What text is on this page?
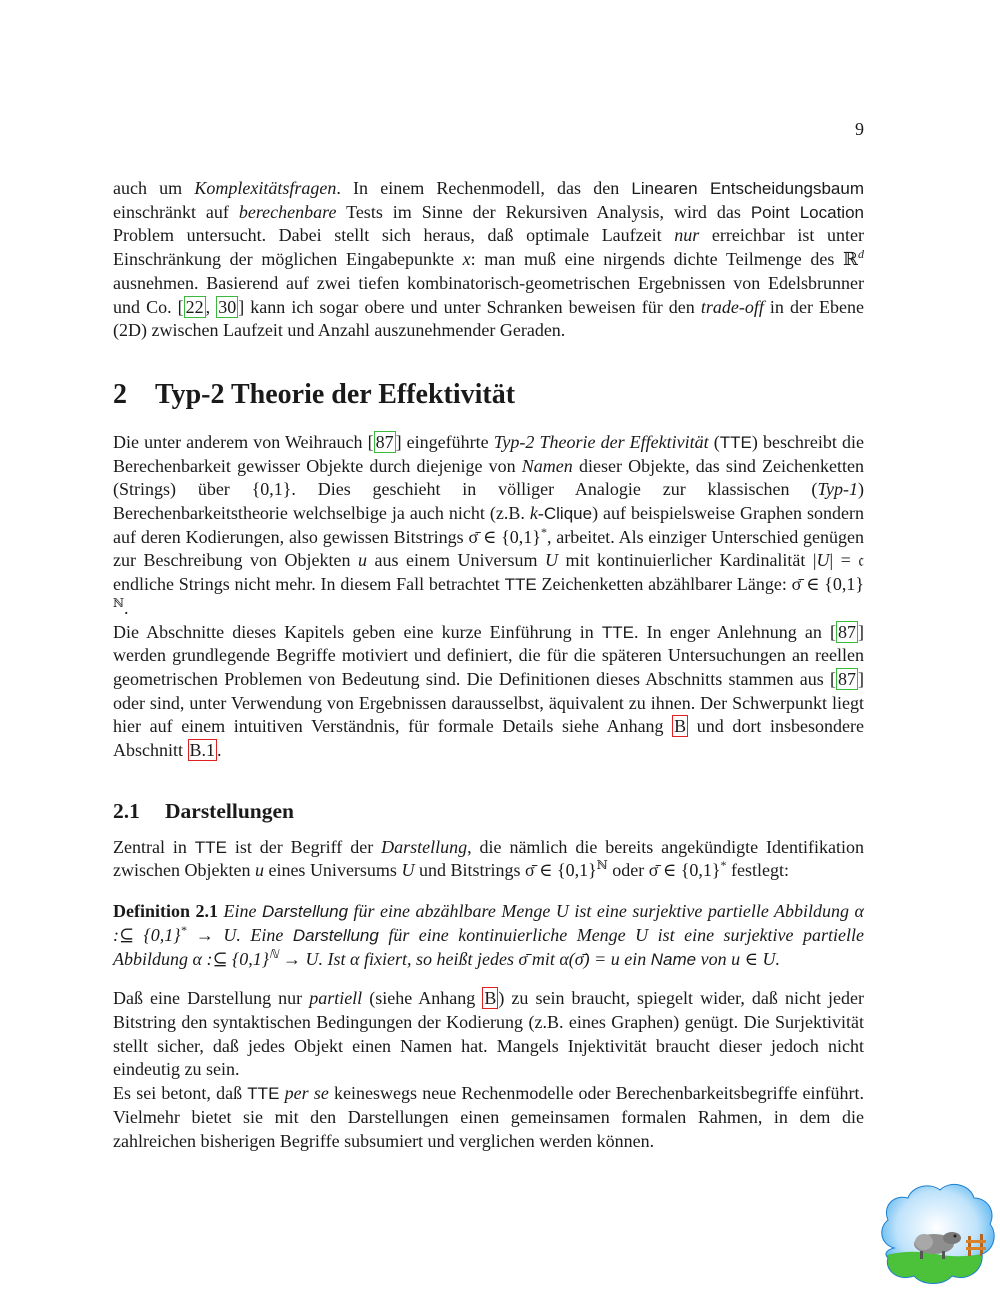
9

auch um Komplexitätsfragen. In einem Rechenmodell, das den Linearen Entscheidungsbaum einschränkt auf berechenbare Tests im Sinne der Rekursiven Analysis, wird das Point Location Problem untersucht. Dabei stellt sich heraus, daß optimale Laufzeit nur erreichbar ist unter Einschränkung der möglichen Eingabepunkte x: man muß eine nirgends dichte Teilmenge des ℝ$^d$ ausnehmen. Basierend auf zwei tiefen kombinatorisch-geometrischen Ergebnissen von Edelsbrunner und Co. [ 22 , 30 ] kann ich sogar obere und unter Schranken beweisen für den trade-off in der Ebene (2D) zwischen Laufzeit und Anzahl auszunehmender Geraden.

2 Typ-2 Theorie der Effektivität

Die unter anderem von Weihrauch [ 87 ] eingeführte Typ-2 Theorie der Effektivität (TTE) beschreibt die Berechenbarkeit gewisser Objekte durch diejenige von Namen dieser Objekte, das sind Zeichenketten (Strings) über {0,1}. Dies geschieht in völliger Analogie zur klassischen (Typ-1) Berechenbarkeitstheorie welchselbige ja auch nicht (z.B. k-Clique) auf beispielsweise Graphen sondern auf deren Kodierungen, also gewissen Bitstrings σ̄ ∈ {0,1}*, arbeitet. Als einziger Unterschied genügen zur Beschreibung von Objekten u aus einem Universum U mit kontinuierlicher Kardinalität |U| = 𝔠 endliche Strings nicht mehr. In diesem Fall betrachtet TTE Zeichenketten abzählbarer Länge: σ̄ ∈ $\{0,1\}^ℕ$.

Die Abschnitte dieses Kapitels geben eine kurze Einführung in TTE. In enger Anlehnung an [ 87 ] werden grundlegende Begriffe motiviert und definiert, die für die späteren Untersuchungen an reellen geometrischen Problemen von Bedeutung sind. Die Definitionen dieses Abschnitts stammen aus [ 87 ] oder sind, unter Verwendung von Ergebnissen darausselbst, äquivalent zu ihnen. Der Schwerpunkt liegt hier auf einem intuitiven Verständnis, für formale Details siehe Anhang B und dort insbesondere Abschnitt B.1 .

2.1 Darstellungen

Zentral in TTE ist der Begriff der Darstellung, die nämlich die bereits angekündigte Identifikation zwischen Objekten u eines Universums U und Bitstrings σ̄ ∈ $\{0,1\}^ℕ$ oder σ̄ ∈ {0,1}* festlegt:

Definition 2.1 Eine Darstellung für eine abzählbare Menge U ist eine surjektive partielle Abbildung α :⊆ {0,1}* → U. Eine Darstellung für eine kontinuierliche Menge U ist eine surjektive partielle Abbildung α :⊆ $\{0,1\}^ℕ \to U$. Ist α fixiert, so heißt jedes σ̄ mit α(σ̄) = u ein Name von u ∈ U.

Daß eine Darstellung nur partiell (siehe Anhang B ) zu sein braucht, spiegelt wider, daß nicht jeder Bitstring den syntaktischen Bedingungen der Kodierung (z.B. eines Graphen) genügt. Die Surjektivität stellt sicher, daß jedes Objekt einen Namen hat. Mangels Injektivität braucht dieser jedoch nicht eindeutig zu sein.

Es sei betont, daß TTE per se keineswegs neue Rechenmodelle oder Berechenbarkeitsbegriffe einführt. Vielmehr bietet sie mit den Darstellungen einen gemeinsamen formalen Rahmen, in dem die zahlreichen bisherigen Begriffe subsumiert und verglichen werden können.
